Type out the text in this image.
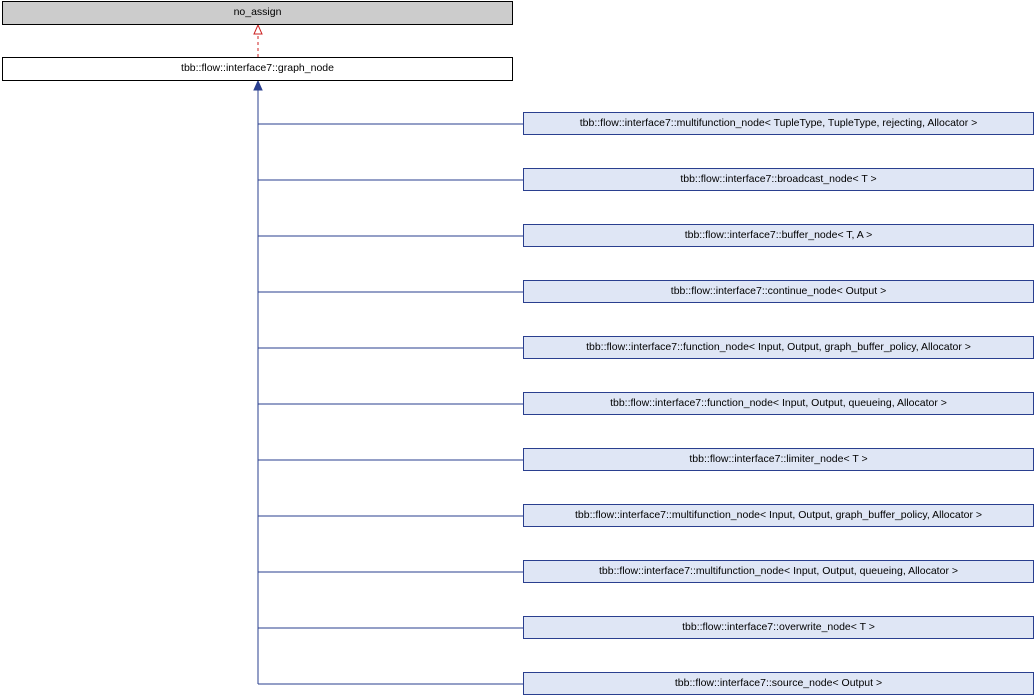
no_assign
tbb::flow::interface7::graph_node
tbb::flow::interface7::multifunction_node< TupleType, TupleType, rejecting, Allocator >
tbb::flow::interface7::broadcast_node< T >
tbb::flow::interface7::buffer_node< T, A >
tbb::flow::interface7::continue_node< Output >
tbb::flow::interface7::function_node< Input, Output, graph_buffer_policy, Allocator >
tbb::flow::interface7::function_node< Input, Output, queueing, Allocator >
tbb::flow::interface7::limiter_node< T >
tbb::flow::interface7::multifunction_node< Input, Output, graph_buffer_policy, Allocator >
tbb::flow::interface7::multifunction_node< Input, Output, queueing, Allocator >
tbb::flow::interface7::overwrite_node< T >
tbb::flow::interface7::source_node< Output >
